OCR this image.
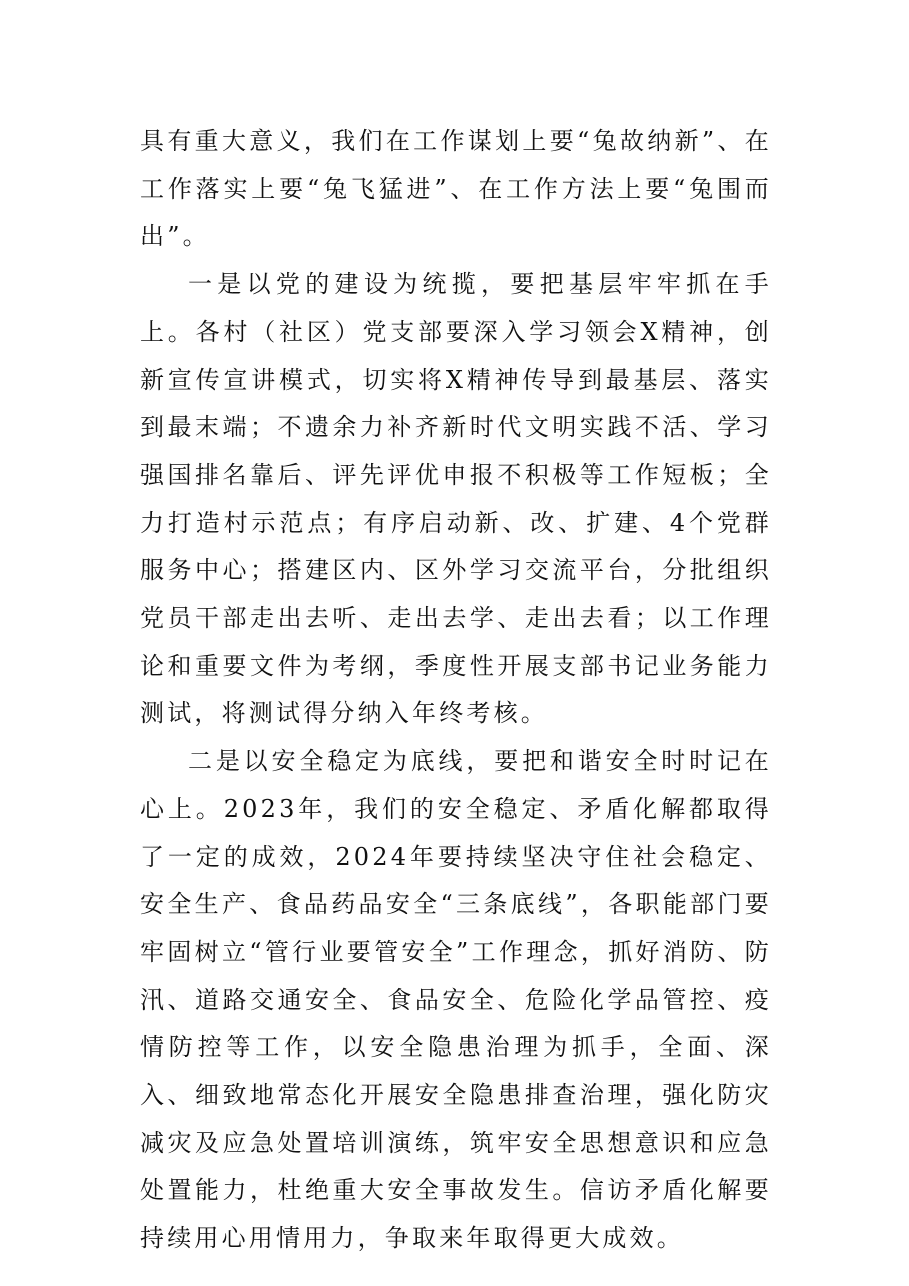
具有重大意义，我们在工作谋划上要“兔故纳新”、在工作落实上要“兔飞猛进”、在工作方法上要“兔围而出”。

一是以党的建设为统揽，要把基层牢牢抓在手上。各村（社区）党支部要深入学习领会X精神，创新宣传宣讲模式，切实将X精神传导到最基层、落实到最末端；不遗余力补齐新时代文明实践不活、学习强国排名靠后、评先评优申报不积极等工作短板；全力打造村示范点；有序启动新、改、扩建、4个党群服务中心；搭建区内、区外学习交流平台，分批组织党员干部走出去听、走出去学、走出去看；以工作理论和重要文件为考纲，季度性开展支部书记业务能力测试，将测试得分纳入年终考核。

二是以安全稳定为底线，要把和谐安全时时记在心上。2023年，我们的安全稳定、矛盾化解都取得了一定的成效，2024年要持续坚决守住社会稳定、安全生产、食品药品安全“三条底线”，各职能部门要牢固树立“管行业要管安全”工作理念，抓好消防、防汛、道路交通安全、食品安全、危险化学品管控、疫情防控等工作，以安全隐患治理为抓手，全面、深入、细致地常态化开展安全隐患排查治理，强化防灾减灾及应急处置培训演练，筑牢安全思想意识和应急处置能力，杜绝重大安全事故发生。信访矛盾化解要持续用心用情用力，争取来年取得更大成效。
